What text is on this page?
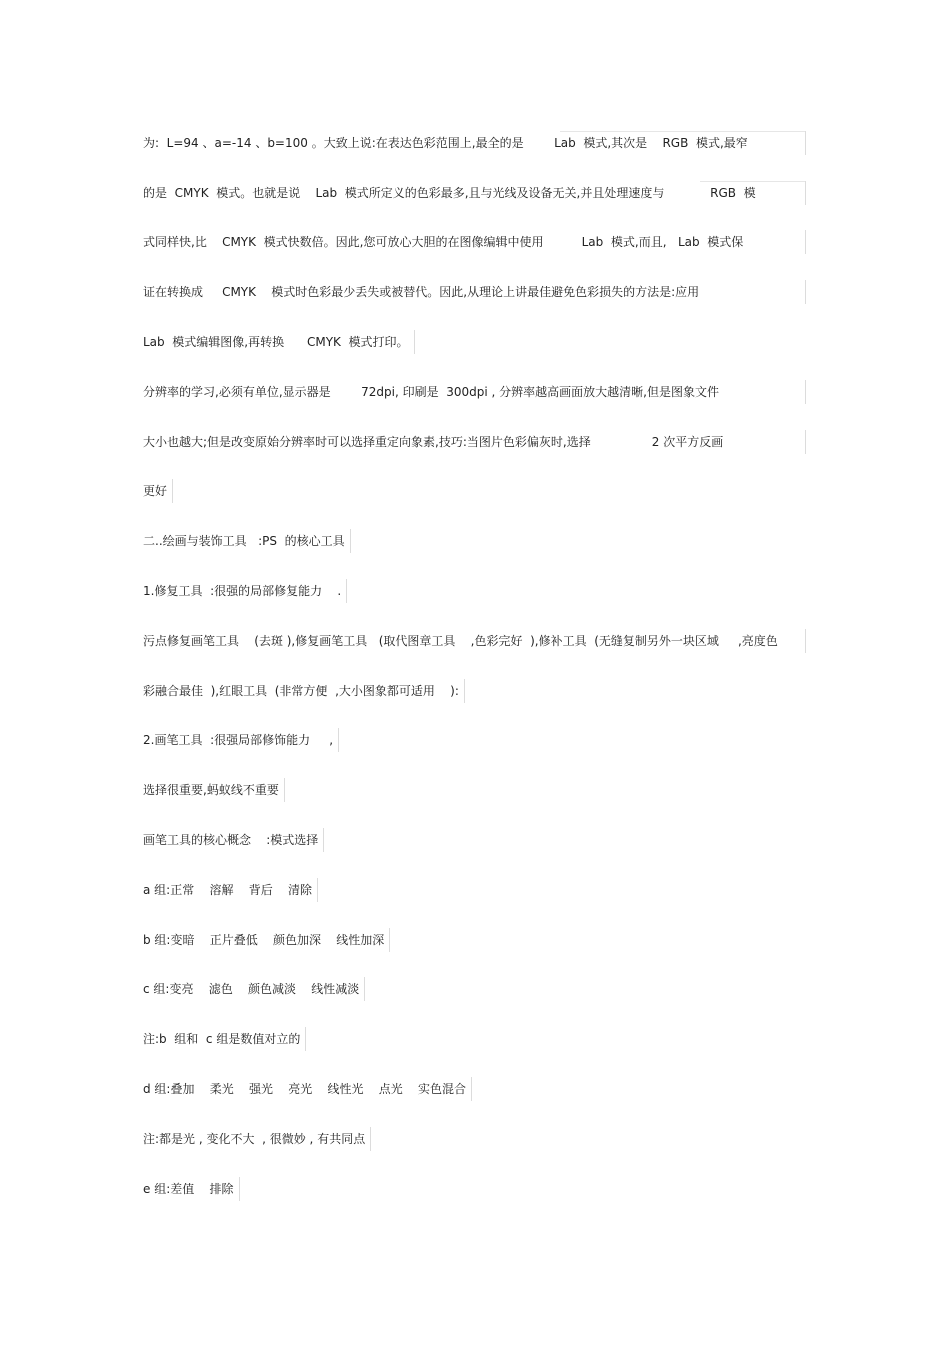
为:  L=94 、a=-14 、b=100 。大致上说:在表达色彩范围上,最全的是        Lab  模式,其次是    RGB  模式,最窄
的是  CMYK  模式。也就是说    Lab  模式所定义的色彩最多,且与光线及设备无关,并且处理速度与            RGB  模
式同样快,比    CMYK  模式快数倍。因此,您可放心大胆的在图像编辑中使用          Lab  模式,而且,   Lab  模式保
证在转换成     CMYK    模式时色彩最少丢失或被替代。因此,从理论上讲最佳避免色彩损失的方法是:应用
Lab  模式编辑图像,再转换      CMYK  模式打印。
分辨率的学习,必须有单位,显示器是        72dpi, 印刷是  300dpi , 分辨率越高画面放大越清晰,但是图象文件
大小也越大;但是改变原始分辨率时可以选择重定向象素,技巧:当图片色彩偏灰时,选择                2 次平方反画
更好
二..绘画与装饰工具   :PS  的核心工具
1.修复工具  :很强的局部修复能力    .
污点修复画笔工具    (去斑 ),修复画笔工具   (取代图章工具    ,色彩完好  ),修补工具  (无缝复制另外一块区域     ,亮度色
彩融合最佳  ),红眼工具  (非常方便  ,大小图象都可适用    ):
2.画笔工具  :很强局部修饰能力     ,
选择很重要,蚂蚁线不重要
画笔工具的核心概念    :模式选择
a 组:正常    溶解    背后    清除
b 组:变暗    正片叠低    颜色加深    线性加深
c 组:变亮    滤色    颜色减淡    线性减淡
注:b  组和  c 组是数值对立的
d 组:叠加    柔光    强光    亮光    线性光    点光    实色混合
注:都是光 , 变化不大  , 很微妙 , 有共同点
e 组:差值    排除
